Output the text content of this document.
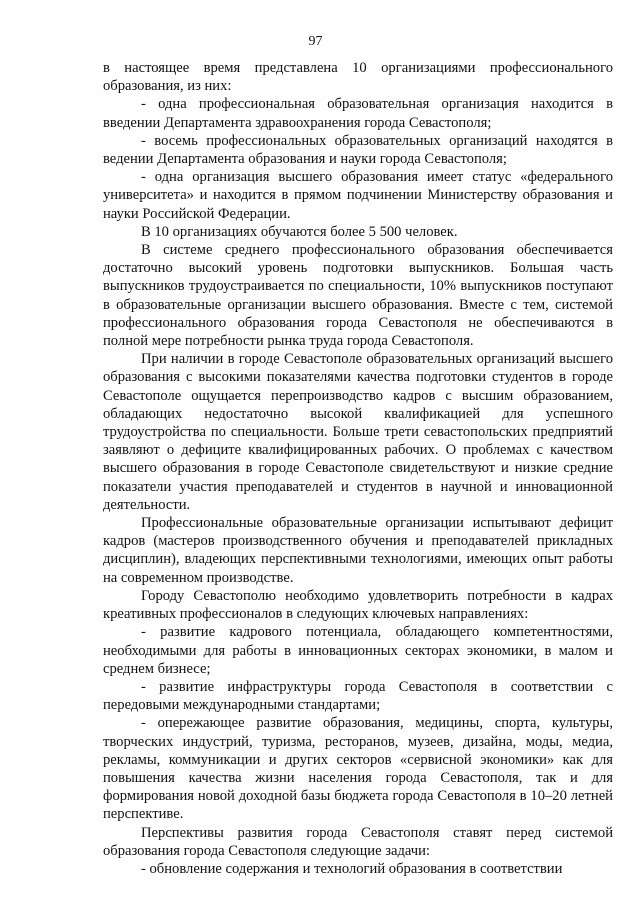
97

в настоящее время представлена 10 организациями профессионального образования, из них:

- одна профессиональная образовательная организация находится в введении Департамента здравоохранения города Севастополя;

- восемь профессиональных образовательных организаций находятся в ведении Департамента образования и науки города Севастополя;

- одна организация высшего образования имеет статус «федерального университета» и находится в прямом подчинении Министерству образования и науки Российской Федерации.

В 10 организациях обучаются более 5 500 человек.

В системе среднего профессионального образования обеспечивается достаточно высокий уровень подготовки выпускников. Большая часть выпускников трудоустраивается по специальности, 10% выпускников поступают в образовательные организации высшего образования. Вместе с тем, системой профессионального образования города Севастополя не обеспечиваются в полной мере потребности рынка труда города Севастополя.

При наличии в городе Севастополе образовательных организаций высшего образования с высокими показателями качества подготовки студентов в городе Севастополе ощущается перепроизводство кадров с высшим образованием, обладающих недостаточно высокой квалификацией для успешного трудоустройства по специальности. Больше трети севастопольских предприятий заявляют о дефиците квалифицированных рабочих. О проблемах с качеством высшего образования в городе Севастополе свидетельствуют и низкие средние показатели участия преподавателей и студентов в научной и инновационной деятельности.

Профессиональные образовательные организации испытывают дефицит кадров (мастеров производственного обучения и преподавателей прикладных дисциплин), владеющих перспективными технологиями, имеющих опыт работы на современном производстве.

Городу Севастополю необходимо удовлетворить потребности в кадрах креативных профессионалов в следующих ключевых направлениях:

- развитие кадрового потенциала, обладающего компетентностями, необходимыми для работы в инновационных секторах экономики, в малом и среднем бизнесе;

- развитие инфраструктуры города Севастополя в соответствии с передовыми международными стандартами;

- опережающее развитие образования, медицины, спорта, культуры, творческих индустрий, туризма, ресторанов, музеев, дизайна, моды, медиа, рекламы, коммуникации и других секторов «сервисной экономики» как для повышения качества жизни населения города Севастополя, так и для формирования новой доходной базы бюджета города Севастополя в 10–20 летней перспективе.

Перспективы развития города Севастополя ставят перед системой образования города Севастополя следующие задачи:

- обновление содержания и технологий образования в соответствии
